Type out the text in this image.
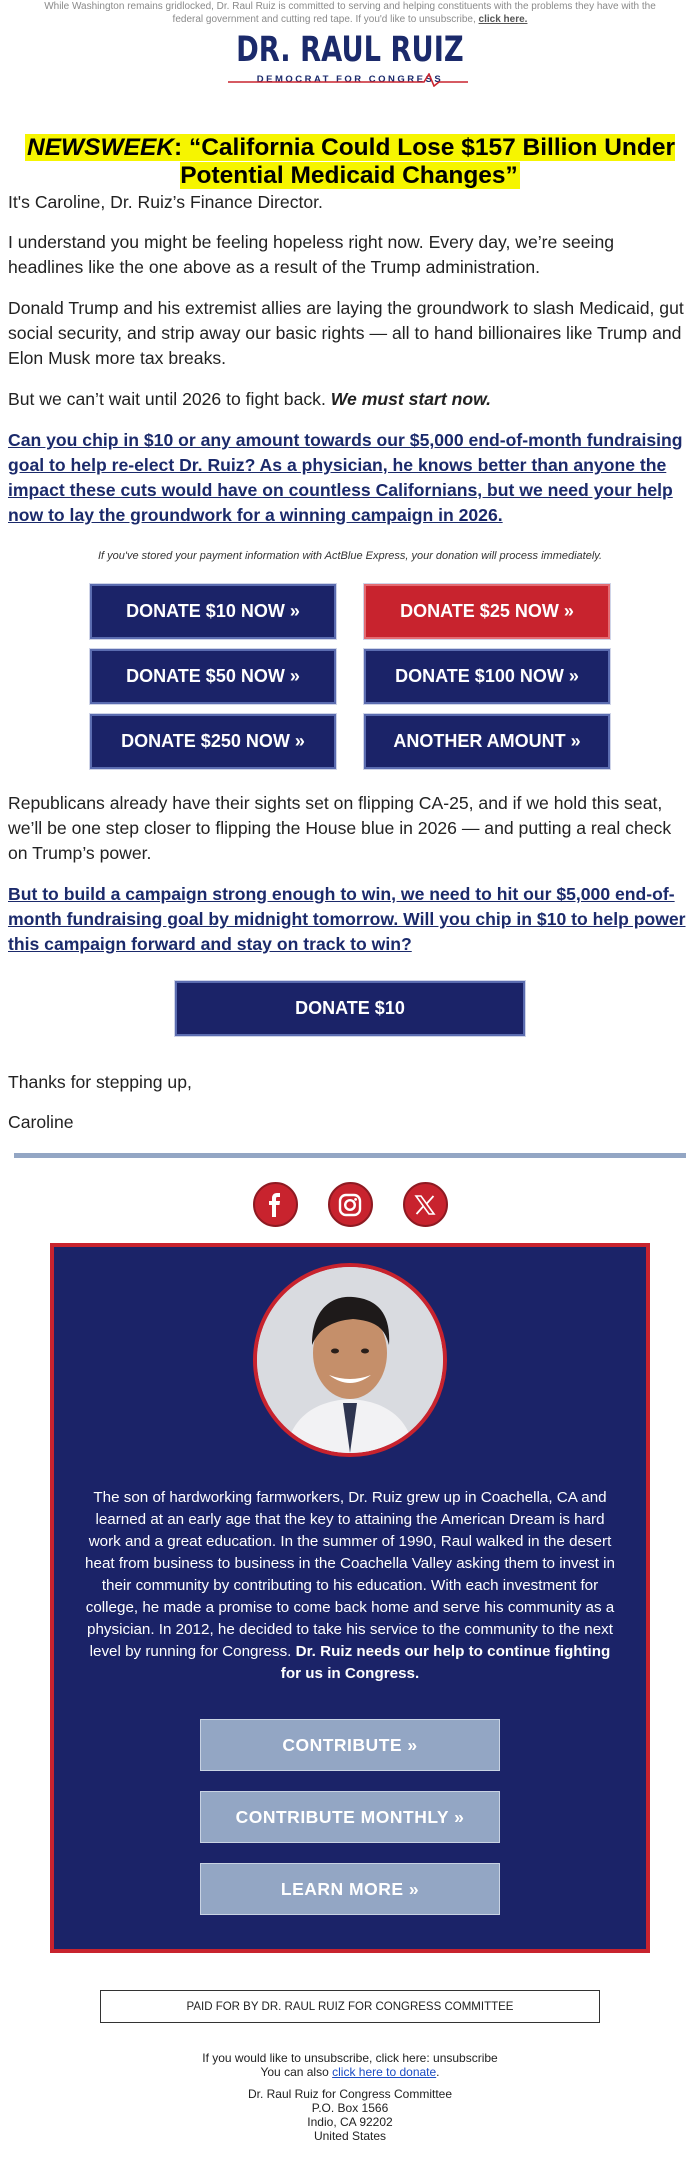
While Washington remains gridlocked, Dr. Raul Ruiz is committed to serving and helping constituents with the problems they have with the federal government and cutting red tape. If you'd like to unsubscribe, click here.
DR. RAUL RUIZ
DEMOCRAT FOR CONGRESS
NEWSWEEK: “California Could Lose $157 Billion Under Potential Medicaid Changes”

It's Caroline, Dr. Ruiz’s Finance Director.

I understand you might be feeling hopeless right now. Every day, we’re seeing headlines like the one above as a result of the Trump administration.

Donald Trump and his extremist allies are laying the groundwork to slash Medicaid, gut social security, and strip away our basic rights — all to hand billionaires like Trump and Elon Musk more tax breaks.

But we can’t wait until 2026 to fight back. We must start now.

Can you chip in $10 or any amount towards our $5,000 end-of-month fundraising goal to help re-elect Dr. Ruiz? As a physician, he knows better than anyone the impact these cuts would have on countless Californians, but we need your help now to lay the groundwork for a winning campaign in 2026.

If you've stored your payment information with ActBlue Express, your donation will process immediately.
DONATE $10 NOW »	DONATE $25 NOW »
DONATE $50 NOW »	DONATE $100 NOW »
DONATE $250 NOW »	ANOTHER AMOUNT »

Republicans already have their sights set on flipping CA-25, and if we hold this seat, we’ll be one step closer to flipping the House blue in 2026 — and putting a real check on Trump’s power.

But to build a campaign strong enough to win, we need to hit our $5,000 end-of-month fundraising goal by midnight tomorrow. Will you chip in $10 to help power this campaign forward and stay on track to win?

DONATE $10

Thanks for stepping up,

Caroline

The son of hardworking farmworkers, Dr. Ruiz grew up in Coachella, CA and learned at an early age that the key to attaining the American Dream is hard work and a great education. In the summer of 1990, Raul walked in the desert heat from business to business in the Coachella Valley asking them to invest in their community by contributing to his education. With each investment for college, he made a promise to come back home and serve his community as a physician. In 2012, he decided to take his service to the community to the next level by running for Congress. Dr. Ruiz needs our help to continue fighting for us in Congress.
CONTRIBUTE »
CONTRIBUTE MONTHLY »
LEARN MORE »
PAID FOR BY DR. RAUL RUIZ FOR CONGRESS COMMITTEE
If you would like to unsubscribe, click here: unsubscribe
You can also click here to donate.
Dr. Raul Ruiz for Congress Committee
P.O. Box 1566
Indio, CA 92202
United States
